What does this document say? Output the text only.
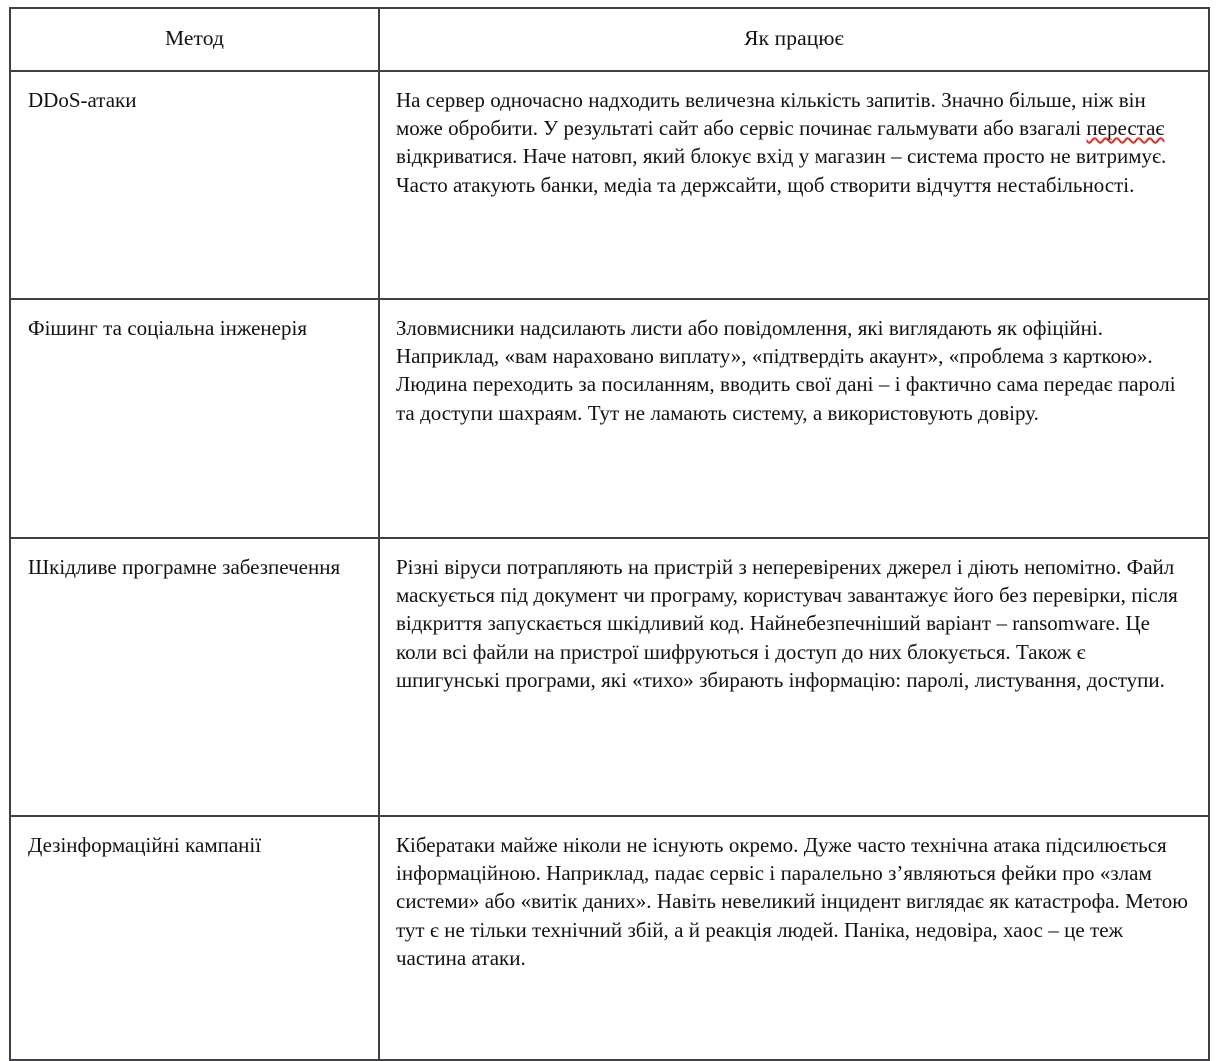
Метод	Як працює
DDoS-атаки	На сервер одночасно надходить величезна кількість запитів. Значно більше, ніж він може обробити. У результаті сайт або сервіс починає гальмувати або взагалі перестає відкриватися. Наче натовп, який блокує вхід у магазин – система просто не витримує. Часто атакують банки, медіа та держсайти, щоб створити відчуття нестабільності.

Фішинг та соціальна інженерія	Зловмисники надсилають листи або повідомлення, які виглядають як офіційні. Наприклад, «вам нараховано виплату», «підтвердіть акаунт», «проблема з карткою». Людина переходить за посиланням, вводить свої дані – і фактично сама передає паролі та доступи шахраям. Тут не ламають систему, а використовують довіру.
Шкідливе програмне забезпечення	Різні віруси потрапляють на пристрій з неперевірених джерел і діють непомітно. Файл маскується під документ чи програму, користувач завантажує його без перевірки, після відкриття запускається шкідливий код. Найнебезпечніший варіант – ransomware. Це коли всі файли на пристрої шифруються і доступ до них блокується. Також є шпигунські програми, які «тихо» збирають інформацію: паролі, листування, доступи.
Дезінформаційні кампанії	Кібератаки майже ніколи не існують окремо. Дуже часто технічна атака підсилюється інформаційною. Наприклад, падає сервіс і паралельно з’являються фейки про «злам системи» або «витік даних». Навіть невеликий інцидент виглядає як катастрофа. Метою тут є не тільки технічний збій, а й реакція людей. Паніка, недовіра, хаос – це теж частина атаки.
